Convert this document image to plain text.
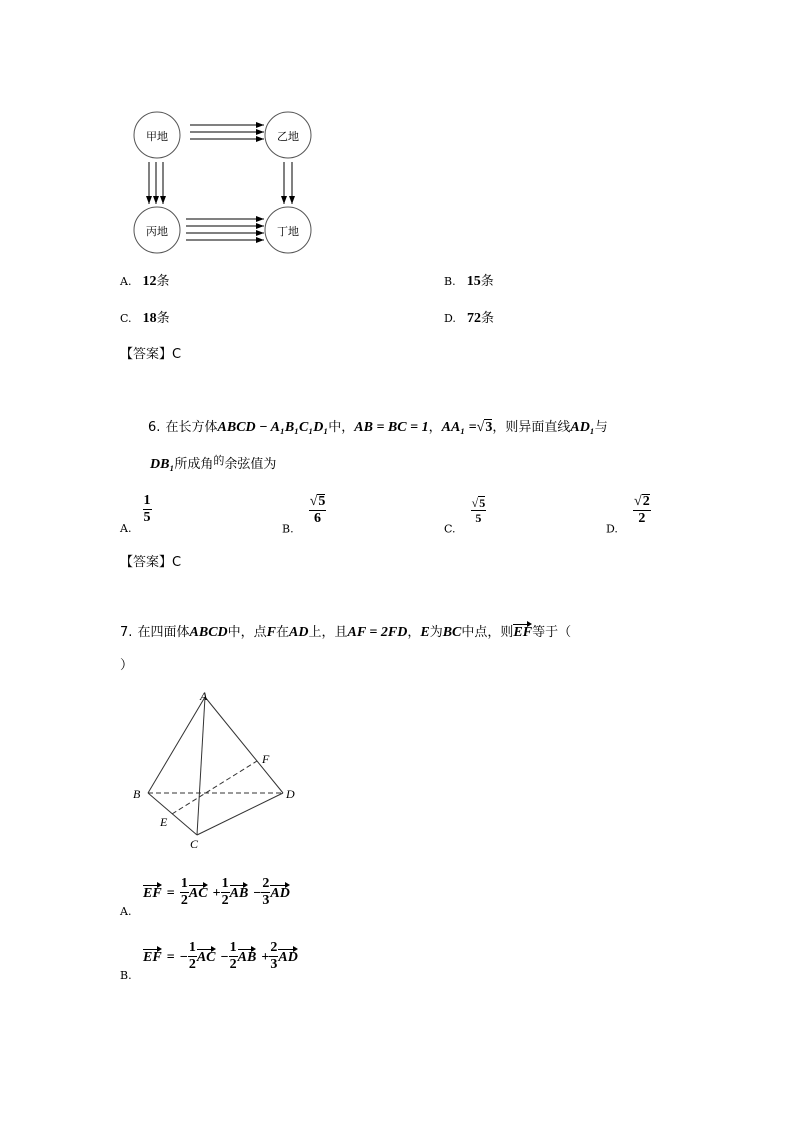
甲地	乙地
丙地	丁地
A. 12条	B. 15条
C. 18条	D. 72条
【答案】C
6. 在长方体ABCD − A₁B₁C₁D₁中，AB = BC = 1，AA₁ =√3，则异面直线AD₁与
DB₁所成角$^的$余弦值为
$_{A.}$
$\frac{1}{5}$
$_{B.}$
$\frac{√5}{6}$
$_{C.}$
$\frac{√5}{5}$
$_{D.}$
$\frac{√2}{2}$
【答案】C
7. 在四面体ABCD中，点F在AD上，且AF = 2FD，E为BC中点，则EF等于（
）
A
B
C
D
E
F
A.
EF = $\frac{1}{2}$ AC + $\frac{1}{2}$ AB − $\frac{2}{3}$ AD
B.
EF = − $\frac{1}{2}$ AC − $\frac{1}{2}$ AB + $\frac{2}{3}$ AD
